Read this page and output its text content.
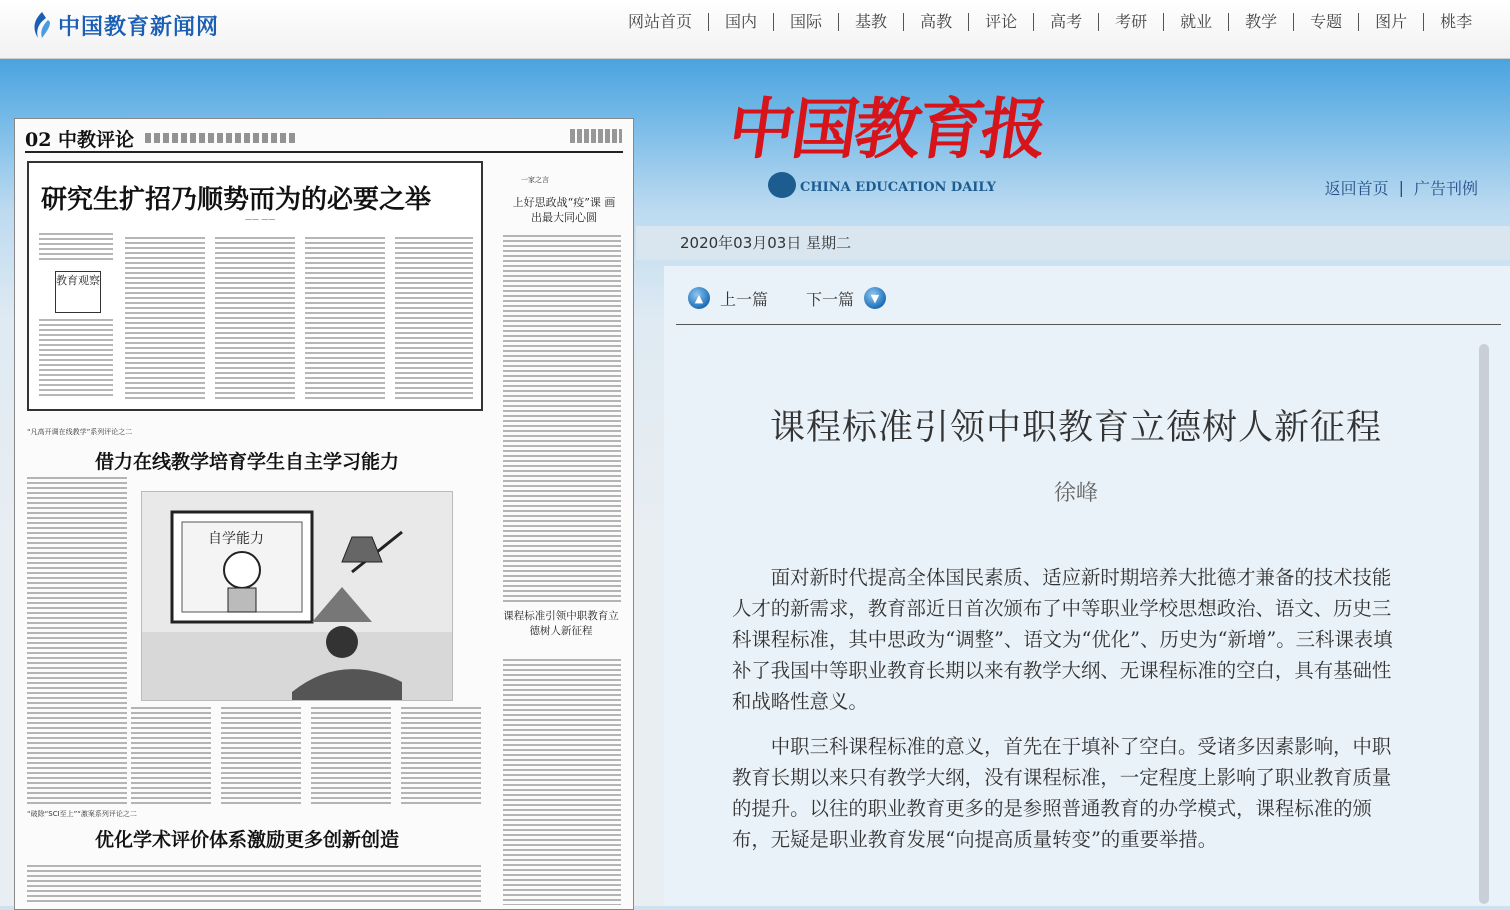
中国教育新闻网	网站首页	国内	国际	基教	高教	评论	高考	考研	就业	教学	专题	图片	桃李
02 中教评论
研究生扩招乃顺势而为的必要之举
—— ——
教育观察
一家之言
上好思政战“疫”课 画出最大同心圆
课程标准引领中职教育立德树人新征程
“凡高开调在线教学”系列评论之二
借力在线教学培育学生自主学习能力
自学能力
“破除“SCI至上”“激案系列评论之二
优化学术评价体系激励更多创新创造
中国教育报
CHINA EDUCATION DAILY	返回首页 | 广告刊例
2020年03月03日 星期二
▲	上一篇 下一篇	▼
课程标准引领中职教育立德树人新征程
徐峰

面对新时代提高全体国民素质、适应新时期培养大批德才兼备的技术技能人才的新需求，教育部近日首次颁布了中等职业学校思想政治、语文、历史三科课程标准，其中思政为“调整”、语文为“优化”、历史为“新增”。三科课表填补了我国中等职业教育长期以来有教学大纲、无课程标准的空白，具有基础性和战略性意义。

中职三科课程标准的意义，首先在于填补了空白。受诸多因素影响，中职教育长期以来只有教学大纲，没有课程标准，一定程度上影响了职业教育质量的提升。以往的职业教育更多的是参照普通教育的办学模式，课程标准的颁布，无疑是职业教育发展“向提高质量转变”的重要举措。
